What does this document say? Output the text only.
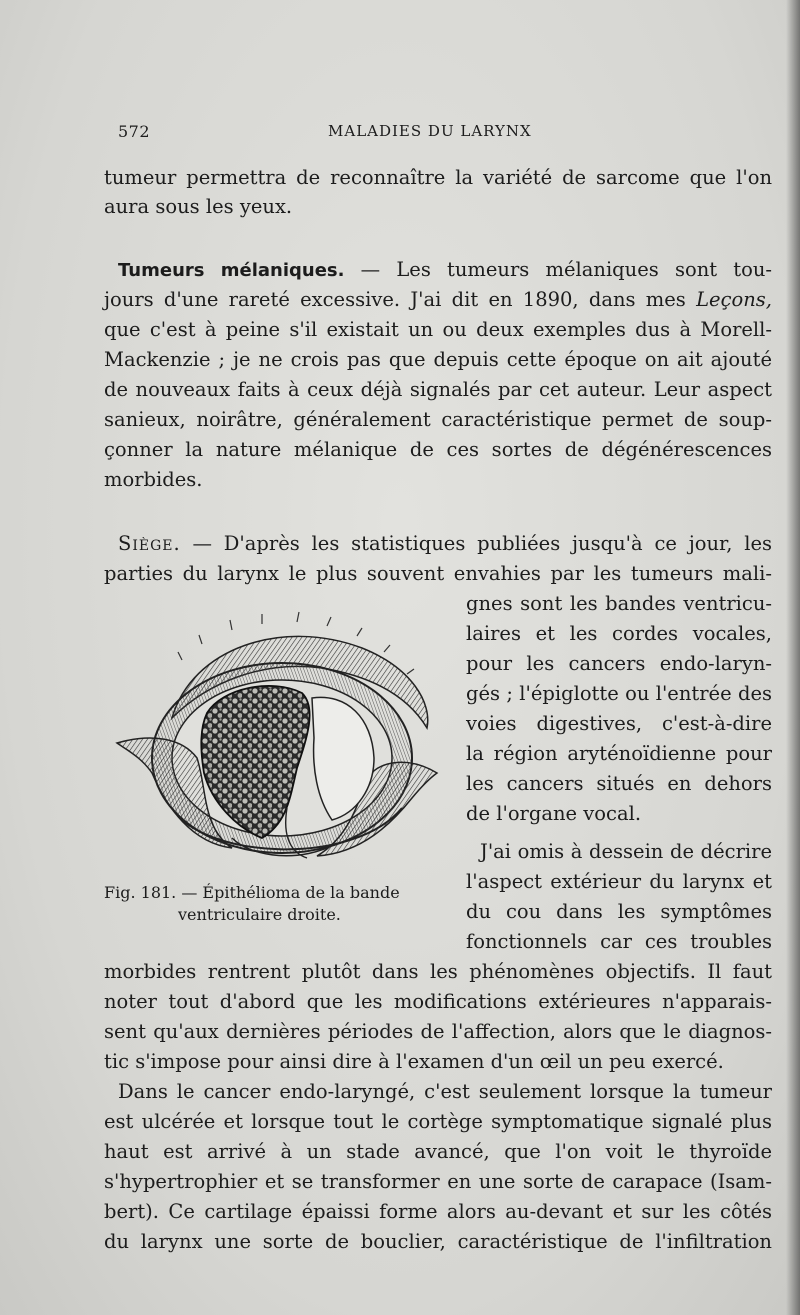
572	MALADIES DU LARYNX
tumeur permettra de reconnaître la variété de sarcome que l'on
aura sous les yeux.
Tumeurs mélaniques. — Les tumeurs mélaniques sont tou-
jours d'une rareté excessive. J'ai dit en 1890, dans mes Leçons,
que c'est à peine s'il existait un ou deux exemples dus à Morell-
Mackenzie ; je ne crois pas que depuis cette époque on ait ajouté
de nouveaux faits à ceux déjà signalés par cet auteur. Leur aspect
sanieux, noirâtre, généralement caractéristique permet de soup-
çonner la nature mélanique de ces sortes de dégénérescences
morbides.
Siège. — D'après les statistiques publiées jusqu'à ce jour, les
parties du larynx le plus souvent envahies par les tumeurs mali-
gnes sont les bandes ventricu-
laires et les cordes vocales,
pour les cancers endo-laryn-
gés ; l'épiglotte ou l'entrée des
voies digestives, c'est-à-dire
la région aryténoïdienne pour
les cancers situés en dehors
de l'organe vocal.
J'ai omis à dessein de décrire
l'aspect extérieur du larynx et
du cou dans les symptômes
fonctionnels car ces troubles
morbides rentrent plutôt dans les phénomènes objectifs. Il faut
noter tout d'abord que les modifications extérieures n'apparais-
sent qu'aux dernières périodes de l'affection, alors que le diagnos-
tic s'impose pour ainsi dire à l'examen d'un œil un peu exercé.
Dans le cancer endo-laryngé, c'est seulement lorsque la tumeur
est ulcérée et lorsque tout le cortège symptomatique signalé plus
haut est arrivé à un stade avancé, que l'on voit le thyroïde
s'hypertrophier et se transformer en une sorte de carapace (Isam-
bert). Ce cartilage épaissi forme alors au-devant et sur les côtés
du larynx une sorte de bouclier, caractéristique de l'infiltration
Fig. 181. — Épithélioma de la bande
ventriculaire droite.
